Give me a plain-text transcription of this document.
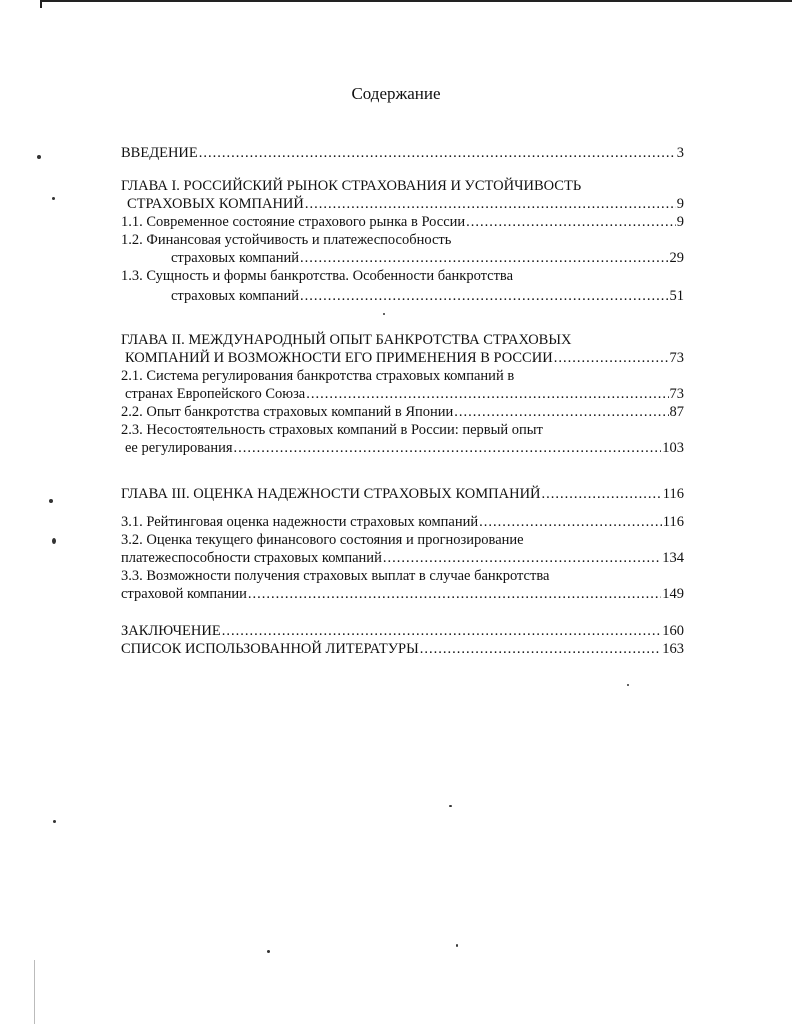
Содержание
ВВЕДЕНИЕ .....	3
ГЛАВА I. РОССИЙСКИЙ РЫНОК СТРАХОВАНИЯ И УСТОЙЧИВОСТЬ
СТРАХОВЫХ КОМПАНИЙ .....	9
1.1. Современное состояние страхового рынка в России .....	9
1.2. Финансовая устойчивость и платежеспособность
страховых компаний .....	29
1.3. Сущность и формы банкротства. Особенности банкротства
страховых компаний .....	51
ГЛАВА II. МЕЖДУНАРОДНЫЙ ОПЫТ БАНКРОТСТВА СТРАХОВЫХ
КОМПАНИЙ И ВОЗМОЖНОСТИ ЕГО ПРИМЕНЕНИЯ В РОССИИ .....	73
2.1. Система регулирования банкротства страховых компаний в
странах Европейского Союза .....	73
2.2. Опыт банкротства страховых компаний в Японии .....	87
2.3. Несостоятельность страховых компаний в России: первый опыт
ее регулирования .....	103
ГЛАВА III. ОЦЕНКА НАДЕЖНОСТИ СТРАХОВЫХ КОМПАНИЙ .....	116
3.1. Рейтинговая оценка надежности страховых компаний .....	116
3.2. Оценка текущего финансового состояния и прогнозирование
платежеспособности страховых компаний .....	134
3.3. Возможности получения страховых выплат в случае банкротства
страховой компании .....	149
ЗАКЛЮЧЕНИЕ .....	160
СПИСОК ИСПОЛЬЗОВАННОЙ ЛИТЕРАТУРЫ .....	163
